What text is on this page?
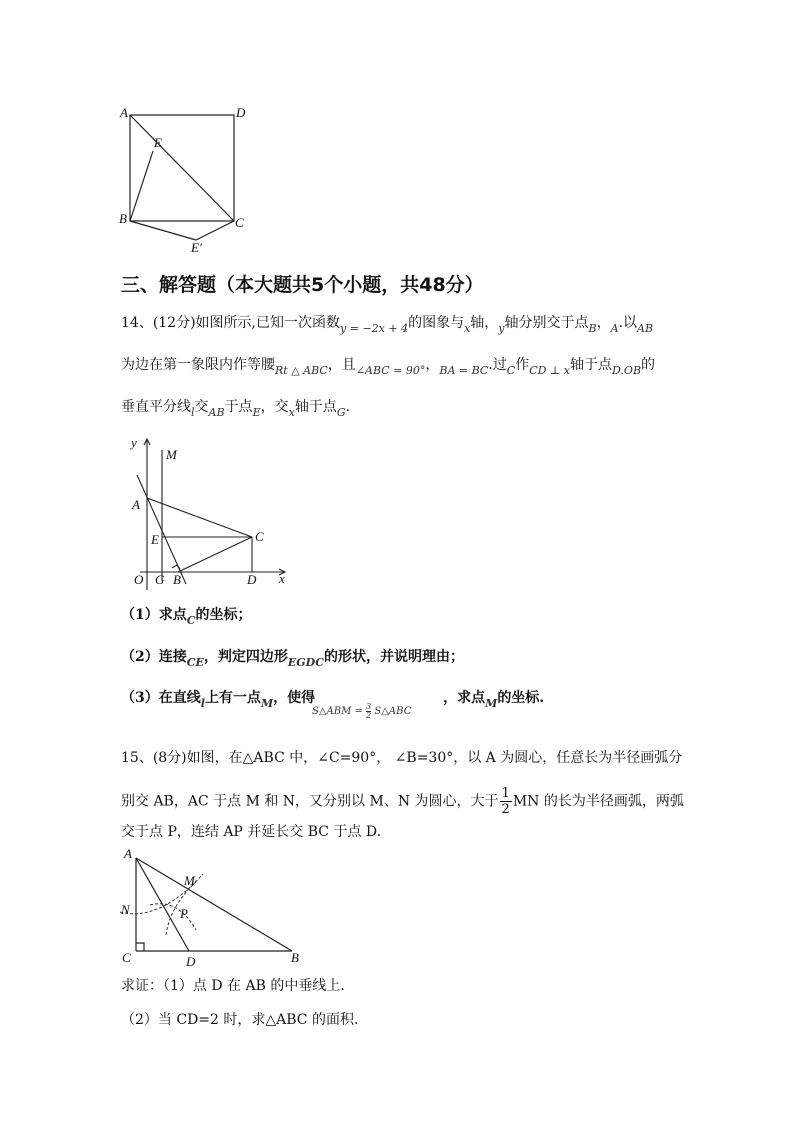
A	D
E
B	C
E'
三、解答题（本大题共5个小题，共48分）
14、(12分)如图所示,已知一次函数$_{y = -2x + 4}$的图象与$_x$轴，$_y$轴分别交于点$_B$，$_A$.以$_{AB}$
为边在第一象限内作等腰$_{Rt \triangle ABC}$，且$_{\angle ABC = 90^\circ}$，$_{BA = BC}$.过$_C$作$_{CD \perp x}$轴于点$_{D.OB}$的
垂直平分线$_l$交$_{AB}$于点$_E$，交$_x$轴于点$_G$.
y
M
A
C
E
O G B	D x
（1）求点$_C$的坐标；
（2）连接$_{CE}$，判定四边形$_{EGDC}$的形状，并说明理由；
（3）在直线$_l$上有一点$_M$，使得	，求点$_M$的坐标.
S△ABM = $\frac{3}{2}$ S△ABC
15、(8分)如图，在△ABC 中，∠C=90°， ∠B=30°，以 A 为圆心，任意长为半径画弧分
别交 AB，AC 于点 M 和 N，又分别以 M、N 为圆心，大于 $\frac{1}{2}$ MN 的长为半径画弧，两弧
交于点 P，连结 AP 并延长交 BC 于点 D.
A
M
N	P
C	D	B
求证：（1）点 D 在 AB 的中垂线上.
（2）当 CD=2 时，求△ABC 的面积.
